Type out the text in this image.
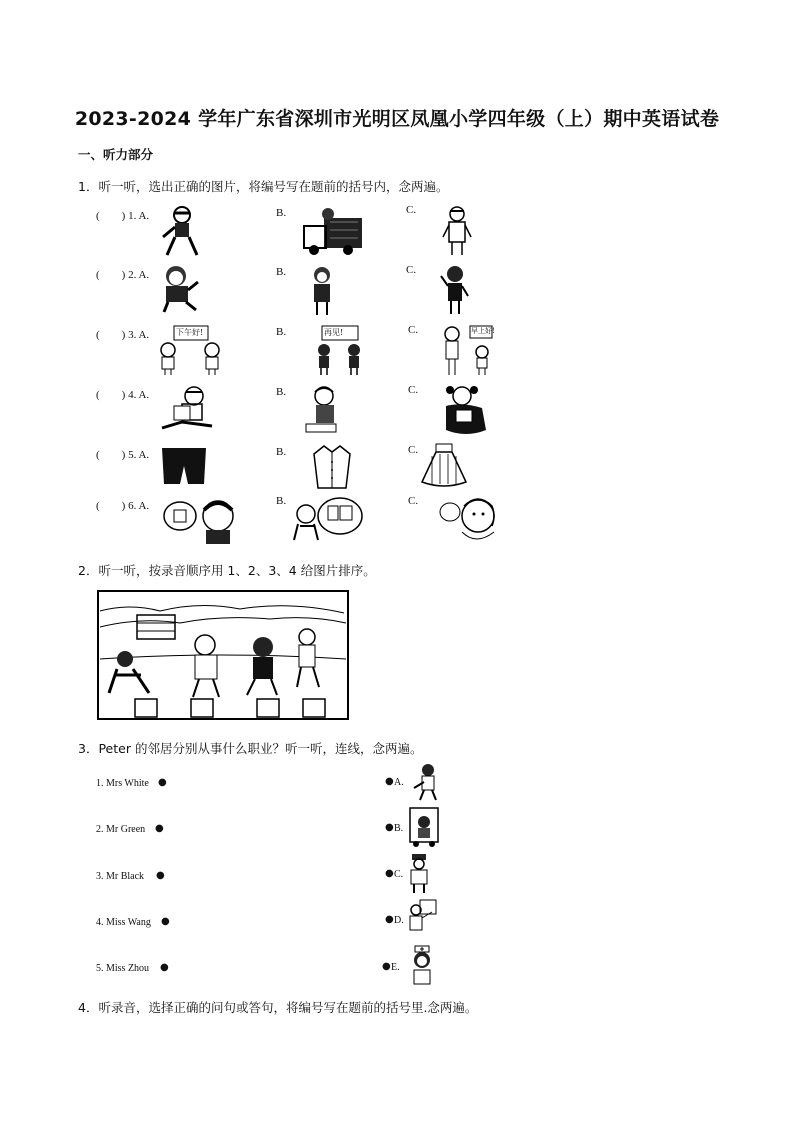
2023-2024 学年广东省深圳市光明区凤凰小学四年级（上）期中英语试卷
一、听力部分
1．听一听，选出正确的图片，将编号写在题前的括号内，念两遍。
(　　) 1. A.	B.	C.
(　　) 2. A.	B.	C.
(　　) 3. A.	下午好!	B.	再见!	C.	早上好!
(　　) 4. A.	B.	C.
(　　) 5. A.	B.	C.
(　　) 6. A.	B.	C.
2．听一听，按录音顺序用 1、2、3、4 给图片排序。
3．Peter 的邻居分别从事什么职业？听一听，连线，念两遍。
1. Mrs White ●
2. Mr Green ●
3. Mr Black ●
4. Miss Wang ●
5. Miss Zhou ●
● A.
● B.
● C.
● D.
● E.
4．听录音，选择正确的问句或答句，将编号写在题前的括号里.念两遍。
